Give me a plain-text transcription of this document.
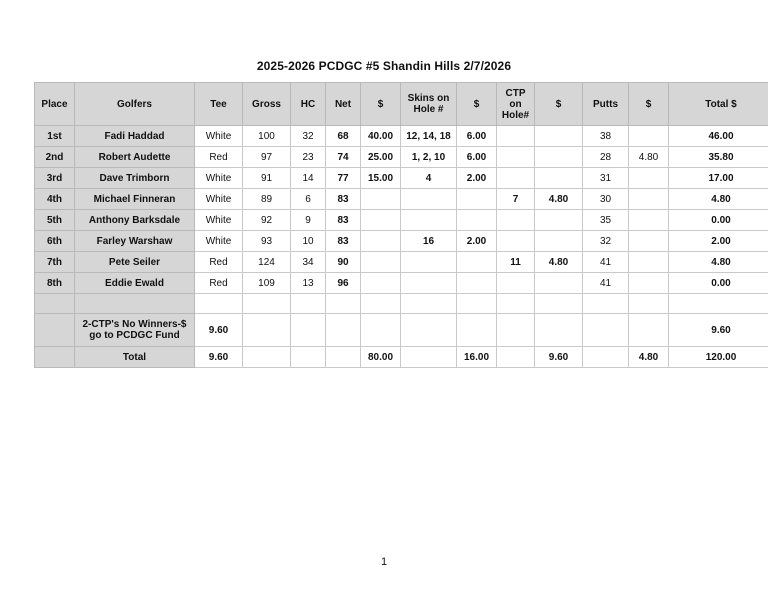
2025-2026 PCDGC #5 Shandin Hills 2/7/2026
Place	Golfers	Tee	Gross	HC	Net	$	Skins on Hole #	$	CTP on Hole#	$	Putts	$	Total $
1st	Fadi Haddad	White	100	32	68	40.00	12, 14, 18	6.00			38		46.00
2nd	Robert Audette	Red	97	23	74	25.00	1, 2, 10	6.00			28	4.80	35.80
3rd	Dave Trimborn	White	91	14	77	15.00	4	2.00			31		17.00
4th	Michael Finneran	White	89	6	83				7	4.80	30		4.80
5th	Anthony Barksdale	White	92	9	83						35		0.00
6th	Farley Warshaw	White	93	10	83		16	2.00			32		2.00
7th	Pete Seiler	Red	124	34	90				11	4.80	41		4.80
8th	Eddie Ewald	Red	109	13	96						41		0.00

	2-CTP's No Winners-$ go to PCDGC Fund	9.60											9.60
	Total	9.60				80.00		16.00		9.60		4.80	120.00
1
